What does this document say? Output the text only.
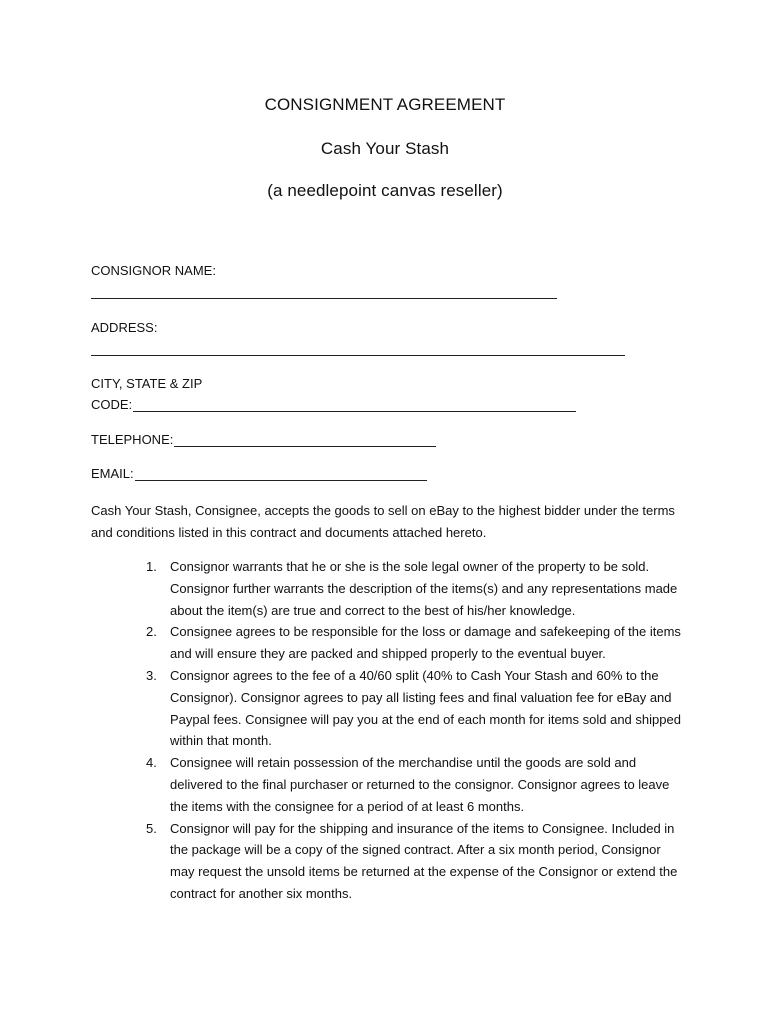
CONSIGNMENT AGREEMENT
Cash Your Stash
(a needlepoint canvas reseller)
CONSIGNOR NAME:
ADDRESS:
CITY, STATE & ZIP
CODE:
TELEPHONE:
EMAIL:
Cash Your Stash, Consignee, accepts the goods to sell on eBay to the highest bidder under the terms and conditions listed in this contract and documents attached hereto.
1. Consignor warrants that he or she is the sole legal owner of the property to be sold. Consignor further warrants the description of the items(s) and any representations made about the item(s) are true and correct to the best of his/her knowledge.
2. Consignee agrees to be responsible for the loss or damage and safekeeping of the items and will ensure they are packed and shipped properly to the eventual buyer.
3. Consignor agrees to the fee of a 40/60 split (40% to Cash Your Stash and 60% to the Consignor). Consignor agrees to pay all listing fees and final valuation fee for eBay and Paypal fees. Consignee will pay you at the end of each month for items sold and shipped within that month.
4. Consignee will retain possession of the merchandise until the goods are sold and delivered to the final purchaser or returned to the consignor. Consignor agrees to leave the items with the consignee for a period of at least 6 months.
5. Consignor will pay for the shipping and insurance of the items to Consignee. Included in the package will be a copy of the signed contract. After a six month period, Consignor may request the unsold items be returned at the expense of the Consignor or extend the contract for another six months.
